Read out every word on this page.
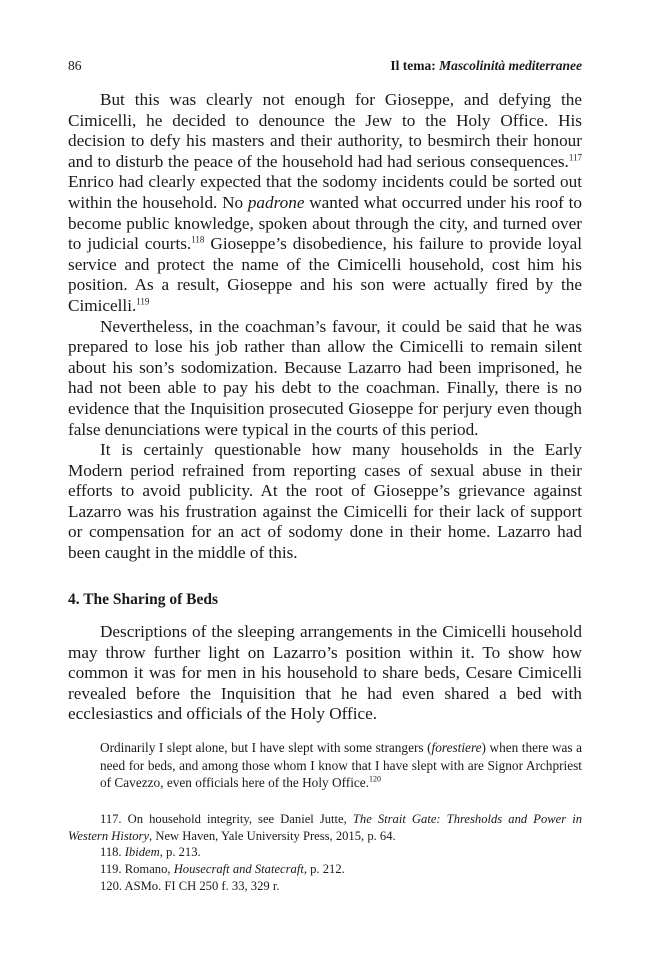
86	Il tema: Mascolinità mediterranee

But this was clearly not enough for Gioseppe, and defying the Cimicelli, he decided to denounce the Jew to the Holy Office. His decision to defy his masters and their authority, to besmirch their honour and to disturb the peace of the household had had serious consequences.$^{117}$ Enrico had clearly expected that the sodomy incidents could be sorted out within the household. No padrone wanted what occurred under his roof to become public knowledge, spoken about through the city, and turned over to judicial courts.$^{118}$ Gioseppe’s disobedience, his failure to provide loyal service and protect the name of the Cimicelli household, cost him his position. As a result, Gioseppe and his son were actually fired by the Cimicelli.$^{119}$

Nevertheless, in the coachman’s favour, it could be said that he was prepared to lose his job rather than allow the Cimicelli to remain silent about his son’s sodomization. Because Lazarro had been imprisoned, he had not been able to pay his debt to the coachman. Finally, there is no evidence that the Inquisition prosecuted Gioseppe for perjury even though false denunciations were typical in the courts of this period.

It is certainly questionable how many households in the Early Modern period refrained from reporting cases of sexual abuse in their efforts to avoid publicity. At the root of Gioseppe’s grievance against Lazarro was his frustration against the Cimicelli for their lack of support or compensation for an act of sodomy done in their home. Lazarro had been caught in the middle of this.

4. The Sharing of Beds

Descriptions of the sleeping arrangements in the Cimicelli household may throw further light on Lazarro’s position within it. To show how common it was for men in his household to share beds, Cesare Cimicelli revealed before the Inquisition that he had even shared a bed with ecclesiastics and officials of the Holy Office.

Ordinarily I slept alone, but I have slept with some strangers (forestiere) when there was a need for beds, and among those whom I know that I have slept with are Signor Archpriest of Cavezzo, even officials here of the Holy Office.$^{120}$

117. On household integrity, see Daniel Jutte, The Strait Gate: Thresholds and Power in Western History, New Haven, Yale University Press, 2015, p. 64.

118. Ibidem, p. 213.

119. Romano, Housecraft and Statecraft, p. 212.

120. ASMo. FI CH 250 f. 33, 329 r.
